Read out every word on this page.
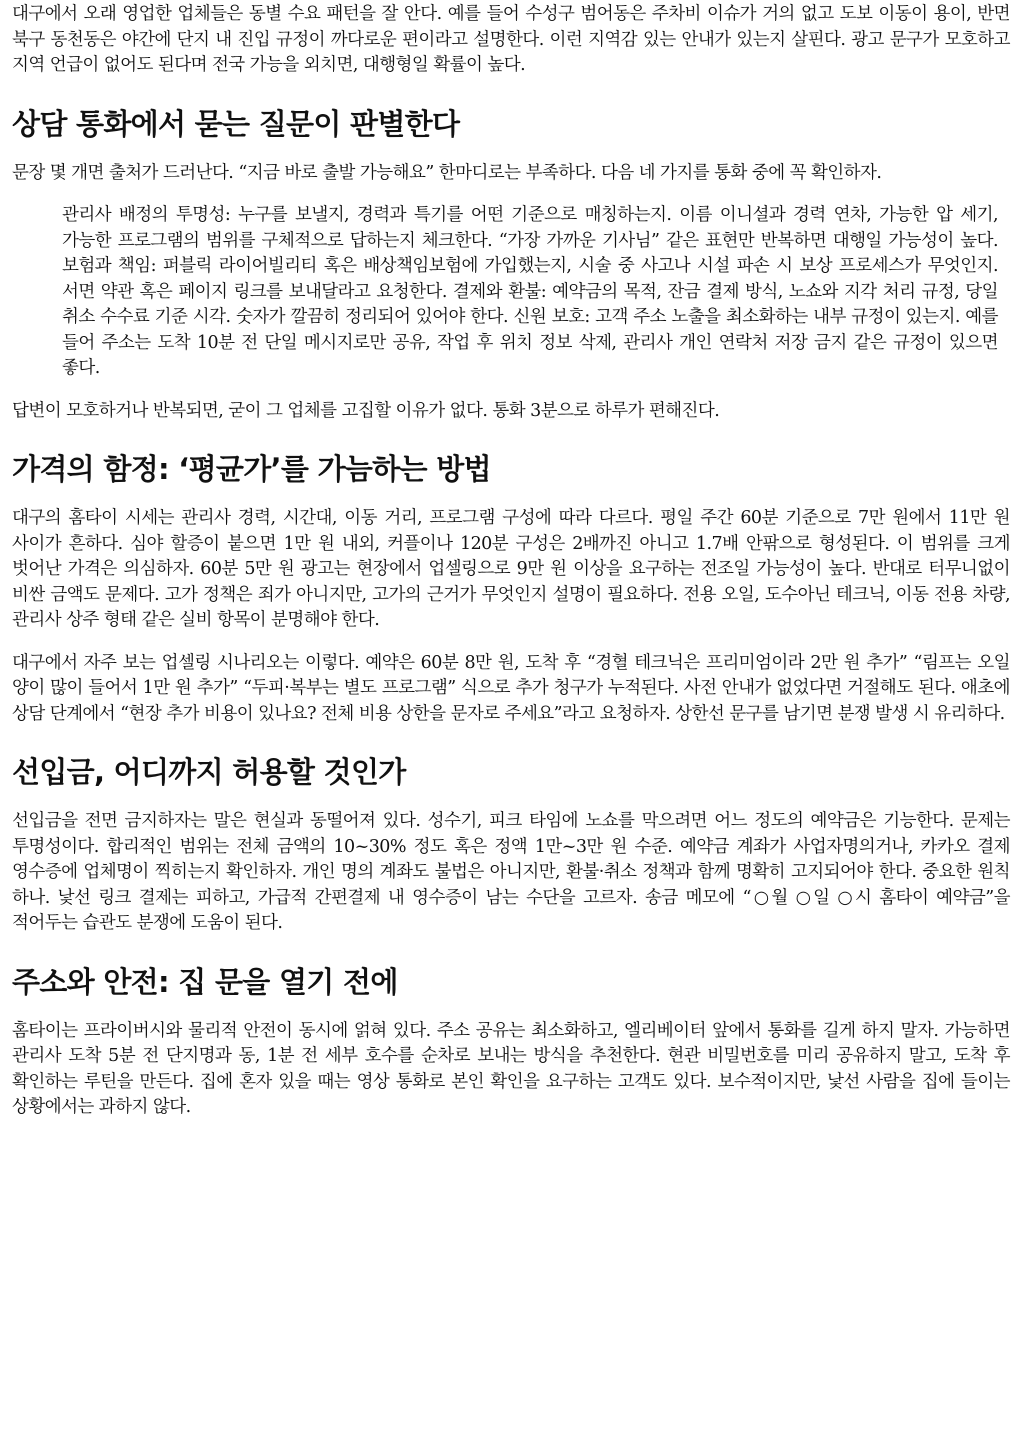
대구에서 오래 영업한 업체들은 동별 수요 패턴을 잘 안다. 예를 들어 수성구 범어동은 주차비 이슈가 거의 없고 도보 이동이 용이, 반면 북구 동천동은 야간에 단지 내 진입 규정이 까다로운 편이라고 설명한다. 이런 지역감 있는 안내가 있는지 살핀다. 광고 문구가 모호하고 지역 언급이 없어도 된다며 전국 가능을 외치면, 대행형일 확률이 높다.

상담 통화에서 묻는 질문이 판별한다

문장 몇 개면 출처가 드러난다. “지금 바로 출발 가능해요” 한마디로는 부족하다. 다음 네 가지를 통화 중에 꼭 확인하자.

관리사 배정의 투명성: 누구를 보낼지, 경력과 특기를 어떤 기준으로 매칭하는지. 이름 이니셜과 경력 연차, 가능한 압 세기, 가능한 프로그램의 범위를 구체적으로 답하는지 체크한다. “가장 가까운 기사님” 같은 표현만 반복하면 대행일 가능성이 높다. 보험과 책임: 퍼블릭 라이어빌리티 혹은 배상책임보험에 가입했는지, 시술 중 사고나 시설 파손 시 보상 프로세스가 무엇인지. 서면 약관 혹은 페이지 링크를 보내달라고 요청한다. 결제와 환불: 예약금의 목적, 잔금 결제 방식, 노쇼와 지각 처리 규정, 당일 취소 수수료 기준 시각. 숫자가 깔끔히 정리되어 있어야 한다. 신원 보호: 고객 주소 노출을 최소화하는 내부 규정이 있는지. 예를 들어 주소는 도착 10분 전 단일 메시지로만 공유, 작업 후 위치 정보 삭제, 관리사 개인 연락처 저장 금지 같은 규정이 있으면 좋다.

답변이 모호하거나 반복되면, 굳이 그 업체를 고집할 이유가 없다. 통화 3분으로 하루가 편해진다.

가격의 함정: ‘평균가’를 가늠하는 방법

대구의 홈타이 시세는 관리사 경력, 시간대, 이동 거리, 프로그램 구성에 따라 다르다. 평일 주간 60분 기준으로 7만 원에서 11만 원 사이가 흔하다. 심야 할증이 붙으면 1만 원 내외, 커플이나 120분 구성은 2배까진 아니고 1.7배 안팎으로 형성된다. 이 범위를 크게 벗어난 가격은 의심하자. 60분 5만 원 광고는 현장에서 업셀링으로 9만 원 이상을 요구하는 전조일 가능성이 높다. 반대로 터무니없이 비싼 금액도 문제다. 고가 정책은 죄가 아니지만, 고가의 근거가 무엇인지 설명이 필요하다. 전용 오일, 도수아닌 테크닉, 이동 전용 차량, 관리사 상주 형태 같은 실비 항목이 분명해야 한다.

대구에서 자주 보는 업셀링 시나리오는 이렇다. 예약은 60분 8만 원, 도착 후 “경혈 테크닉은 프리미엄이라 2만 원 추가” “림프는 오일 양이 많이 들어서 1만 원 추가” “두피·복부는 별도 프로그램” 식으로 추가 청구가 누적된다. 사전 안내가 없었다면 거절해도 된다. 애초에 상담 단계에서 “현장 추가 비용이 있나요? 전체 비용 상한을 문자로 주세요”라고 요청하자. 상한선 문구를 남기면 분쟁 발생 시 유리하다.

선입금, 어디까지 허용할 것인가

선입금을 전면 금지하자는 말은 현실과 동떨어져 있다. 성수기, 피크 타임에 노쇼를 막으려면 어느 정도의 예약금은 기능한다. 문제는 투명성이다. 합리적인 범위는 전체 금액의 10~30% 정도 혹은 정액 1만~3만 원 수준. 예약금 계좌가 사업자명의거나, 카카오 결제 영수증에 업체명이 찍히는지 확인하자. 개인 명의 계좌도 불법은 아니지만, 환불·취소 정책과 함께 명확히 고지되어야 한다. 중요한 원칙 하나. 낯선 링크 결제는 피하고, 가급적 간편결제 내 영수증이 남는 수단을 고르자. 송금 메모에 “○월 ○일 ○시 홈타이 예약금”을 적어두는 습관도 분쟁에 도움이 된다.

주소와 안전: 집 문을 열기 전에

홈타이는 프라이버시와 물리적 안전이 동시에 얽혀 있다. 주소 공유는 최소화하고, 엘리베이터 앞에서 통화를 길게 하지 말자. 가능하면 관리사 도착 5분 전 단지명과 동, 1분 전 세부 호수를 순차로 보내는 방식을 추천한다. 현관 비밀번호를 미리 공유하지 말고, 도착 후 확인하는 루틴을 만든다. 집에 혼자 있을 때는 영상 통화로 본인 확인을 요구하는 고객도 있다. 보수적이지만, 낯선 사람을 집에 들이는 상황에서는 과하지 않다.
